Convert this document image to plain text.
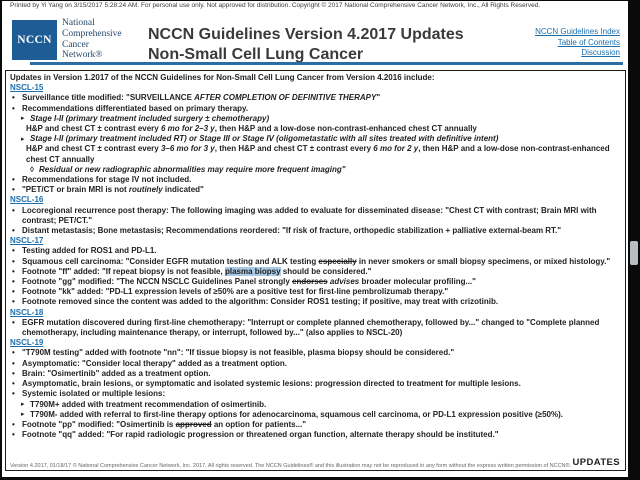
Printed by Yi Yang on 3/15/2017 5:28:24 AM. For personal use only. Not approved for distribution. Copyright © 2017 National Comprehensive Cancer Network, Inc., All Rights Reserved.
NCCN
National
Comprehensive
Cancer
Network®
NCCN Guidelines Version 4.2017 Updates
Non-Small Cell Lung Cancer
NCCN Guidelines Index
Table of Contents
Discussion
Updates in Version 1.2017 of the NCCN Guidelines for Non-Small Cell Lung Cancer from Version 4.2016 include:
NSCL-15
• Surveillance title modified: "SURVEILLANCE AFTER COMPLETION OF DEFINITIVE THERAPY"
• Recommendations differentiated based on primary therapy.
▸ Stage I-II (primary treatment included surgery ± chemotherapy)
H&P and chest CT ± contrast every 6 mo for 2–3 y, then H&P and a low-dose non-contrast-enhanced chest CT annually
▸ Stage I-II (primary treatment included RT) or Stage III or Stage IV (oligometastatic with all sites treated with definitive intent)
H&P and chest CT ± contrast every 3–6 mo for 3 y, then H&P and chest CT ± contrast every 6 mo for 2 y, then H&P and a low-dose non-contrast-enhanced chest CT annually
◊ Residual or new radiographic abnormalities may require more frequent imaging"
• Recommendations for stage IV not included.
• "PET/CT or brain MRI is not routinely indicated"
NSCL-16
• Locoregional recurrence post therapy: The following imaging was added to evaluate for disseminated disease: "Chest CT with contrast; Brain MRI with contrast; PET/CT."
• Distant metastasis; Bone metastasis; Recommendations reordered: "If risk of fracture, orthopedic stabilization + palliative external-beam RT."
NSCL-17
• Testing added for ROS1 and PD-L1.
• Squamous cell carcinoma: "Consider EGFR mutation testing and ALK testing especially in never smokers or small biopsy specimens, or mixed histology."
• Footnote "ff" added: "If repeat biopsy is not feasible, plasma biopsy should be considered."
• Footnote "gg" modified: "The NCCN NSCLC Guidelines Panel strongly endorses advises broader molecular profiling..."
• Footnote "kk" added: "PD-L1 expression levels of ≥50% are a positive test for first-line pembrolizumab therapy."
• Footnote removed since the content was added to the algorithm: Consider ROS1 testing; if positive, may treat with crizotinib.
NSCL-18
• EGFR mutation discovered during first-line chemotherapy: "Interrupt or complete planned chemotherapy, followed by..." changed to "Complete planned chemotherapy, including maintenance therapy, or interrupt, followed by..." (also applies to NSCL-20)
NSCL-19
• "T790M testing" added with footnote "nn": "If tissue biopsy is not feasible, plasma biopsy should be considered."
• Asymptomatic: "Consider local therapy" added as a treatment option.
• Brain: "Osimertinib" added as a treatment option.
• Asymptomatic, brain lesions, or symptomatic and isolated systemic lesions: progression directed to treatment for multiple lesions.
• Systemic isolated or multiple lesions:
▸ T790M+ added with treatment recommendation of osimertinib.
▸ T790M- added with referral to first-line therapy options for adenocarcinoma, squamous cell carcinoma, or PD-L1 expression positive (≥50%).
• Footnote "pp" modified: "Osimertinib is approved an option for patients..."
• Footnote "qq" added: "For rapid radiologic progression or threatened organ function, alternate therapy should be instituted."
Version 4.2017, 01/18/17 © National Comprehensive Cancer Network, Inc. 2017, All rights reserved. The NCCN Guidelines® and this illustration may not be reproduced in any form without the express written permission of NCCN®. UPDATES
